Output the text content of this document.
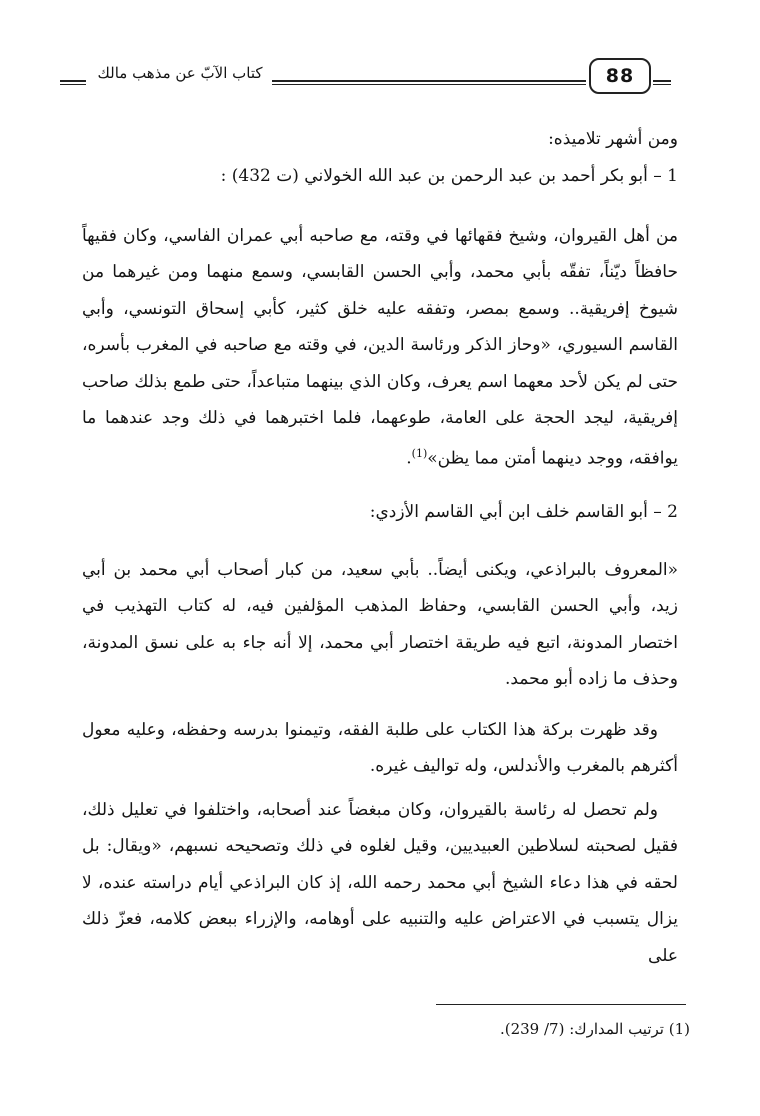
كتاب الآبّ عن مذهب مالك	88

ومن أشهر تلاميذه:

1 – أبو بكر أحمد بن عبد الرحمن بن عبد الله الخولاني (ت 432) :

من أهل القيروان، وشيخ فقهائها في وقته، مع صاحبه أبي عمران الفاسي، وكان فقيهاً حافظاً ديّناً، تفقّه بأبي محمد، وأبي الحسن القابسي، وسمع منهما ومن غيرهما من شيوخ إفريقية.. وسمع بمصر، وتفقه عليه خلق كثير، كأبي إسحاق التونسي، وأبي القاسم السيوري، «وحاز الذكر ورئاسة الدين، في وقته مع صاحبه في المغرب بأسره، حتى لم يكن لأحد معهما اسم يعرف، وكان الذي بينهما متباعداً، حتى طمع بذلك صاحب إفريقية، ليجد الحجة على العامة، طوعهما، فلما اختبرهما في ذلك وجد عندهما ما يوافقه، ووجد دينهما أمتن مما يظن»$^{(1)}$.

2 – أبو القاسم خلف ابن أبي القاسم الأزدي:

«المعروف بالبراذعي، ويكنى أيضاً.. بأبي سعيد، من كبار أصحاب أبي محمد بن أبي زيد، وأبي الحسن القابسي، وحفاظ المذهب المؤلفين فيه، له كتاب التهذيب في اختصار المدونة، اتبع فيه طريقة اختصار أبي محمد، إلا أنه جاء به على نسق المدونة، وحذف ما زاده أبو محمد.

وقد ظهرت بركة هذا الكتاب على طلبة الفقه، وتيمنوا بدرسه وحفظه، وعليه معول أكثرهم بالمغرب والأندلس، وله تواليف غيره.

ولم تحصل له رئاسة بالقيروان، وكان مبغضاً عند أصحابه، واختلفوا في تعليل ذلك، فقيل لصحبته لسلاطين العبيديين، وقيل لغلوه في ذلك وتصحيحه نسبهم، «ويقال: بل لحقه في هذا دعاء الشيخ أبي محمد رحمه الله، إذ كان البراذعي أيام دراسته عنده، لا يزال يتسبب في الاعتراض عليه والتنبيه على أوهامه، والإزراء ببعض كلامه، فعزّ ذلك على

(1) ترتيب المدارك: (7/ 239).
